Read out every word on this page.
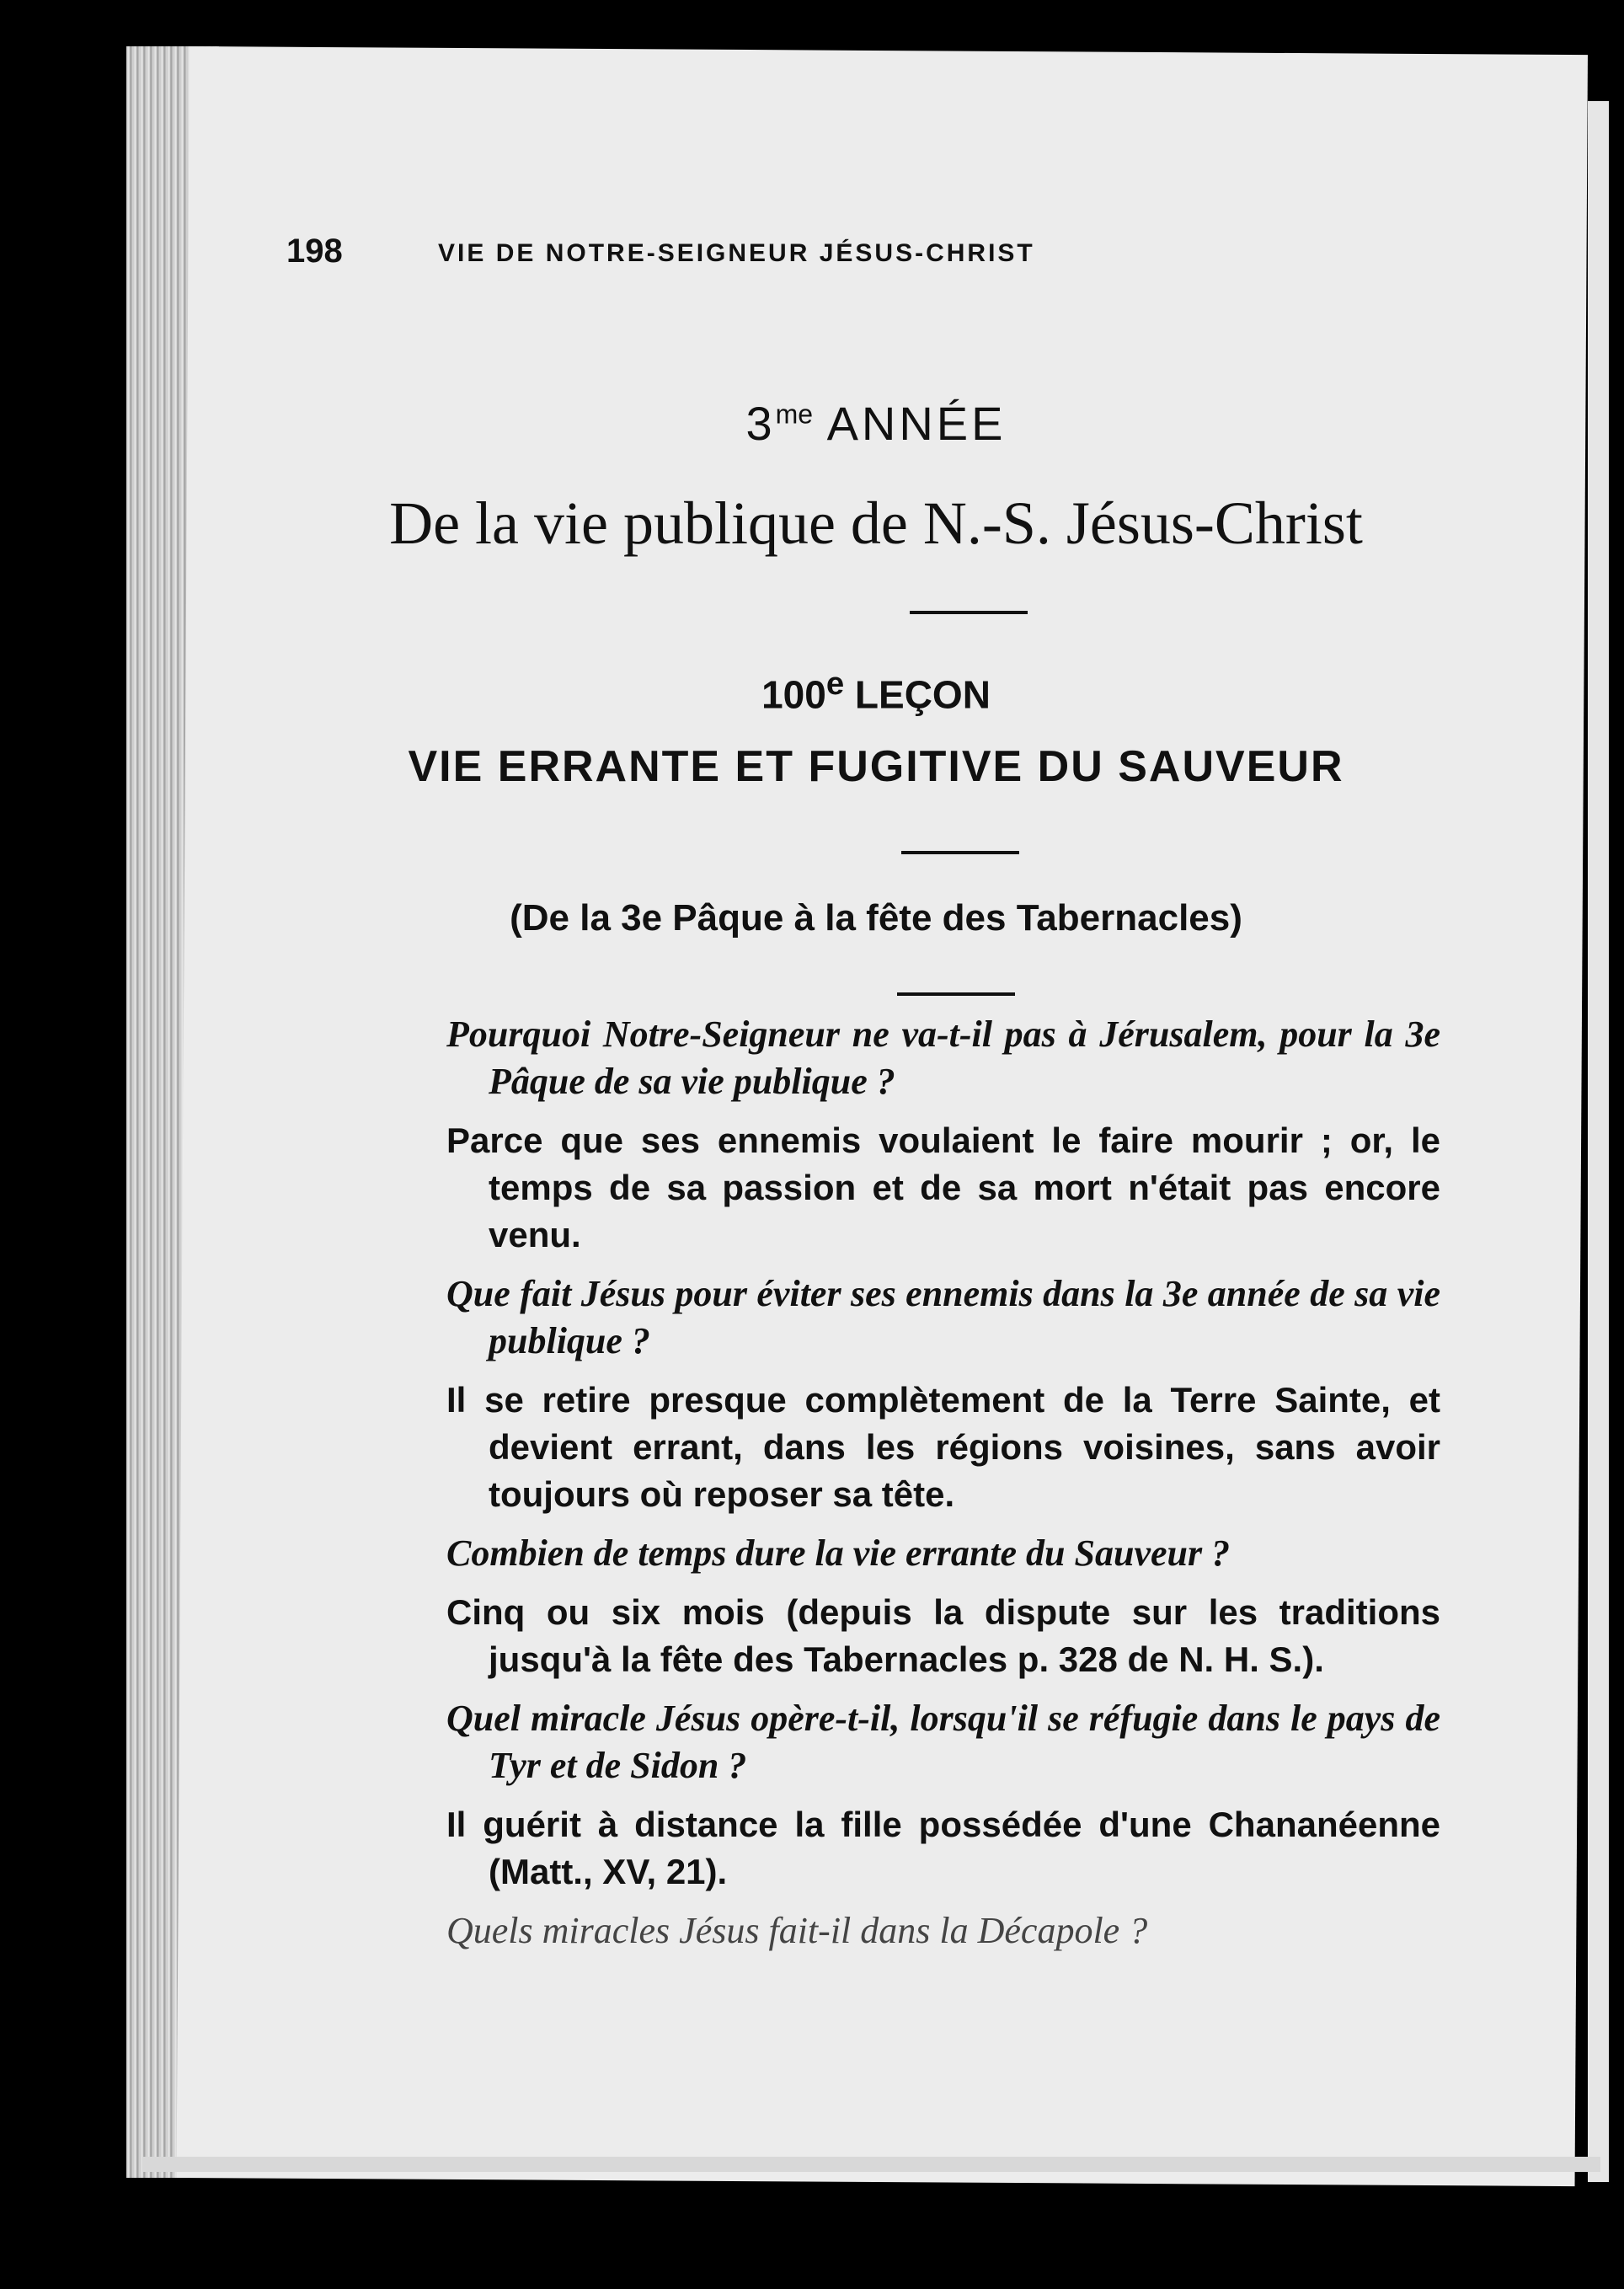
198	VIE DE NOTRE-SEIGNEUR JÉSUS-CHRIST
$3^{me}$ ANNÉE
De la vie publique de N.-S. Jésus-Christ
100e LEÇON
VIE ERRANTE ET FUGITIVE DU SAUVEUR
(De la 3e Pâque à la fête des Tabernacles)

Pourquoi Notre-Seigneur ne va-t-il pas à Jérusalem, pour la 3e Pâque de sa vie publique ?

Parce que ses ennemis voulaient le faire mourir ; or, le temps de sa passion et de sa mort n'était pas encore venu.

Que fait Jésus pour éviter ses ennemis dans la 3e année de sa vie publique ?

Il se retire presque complètement de la Terre Sainte, et devient errant, dans les régions voisines, sans avoir toujours où reposer sa tête.

Combien de temps dure la vie errante du Sauveur ?

Cinq ou six mois (depuis la dispute sur les traditions jusqu'à la fête des Tabernacles p. 328 de N. H. S.).

Quel miracle Jésus opère-t-il, lorsqu'il se réfugie dans le pays de Tyr et de Sidon ?

Il guérit à distance la fille possédée d'une Chananéenne (Matt., XV, 21).

Quels miracles Jésus fait-il dans la Décapole ?
